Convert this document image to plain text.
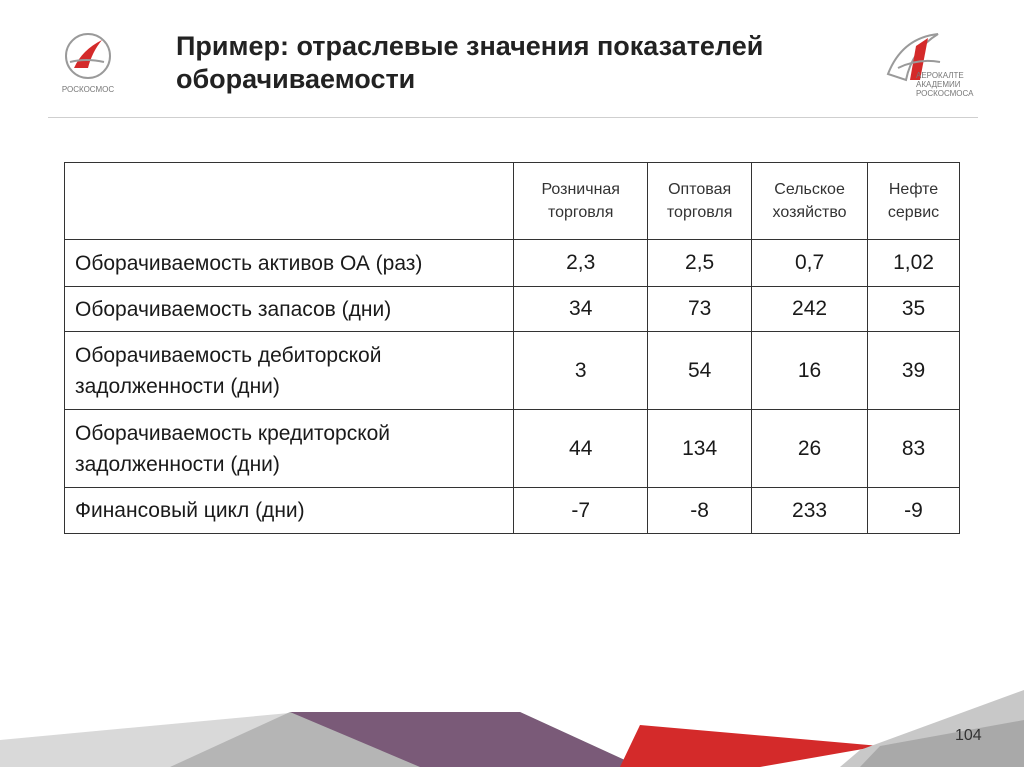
РОСКОСМОС
Пример: отраслевые значения показателей оборачиваемости	АЕРОКАЛТЕ
АКАДЕМИИ
РОСКОСМОСА
	Розничная торговля	Оптовая торговля	Сельское хозяйство	Нефте сервис
Оборачиваемость активов ОА (раз)	2,3	2,5	0,7	1,02
Оборачиваемость запасов (дни)	34	73	242	35
Оборачиваемость дебиторской задолженности (дни)	3	54	16	39
Оборачиваемость кредиторской задолженности (дни)	44	134	26	83
Финансовый цикл (дни)	-7	-8	233	-9
104
